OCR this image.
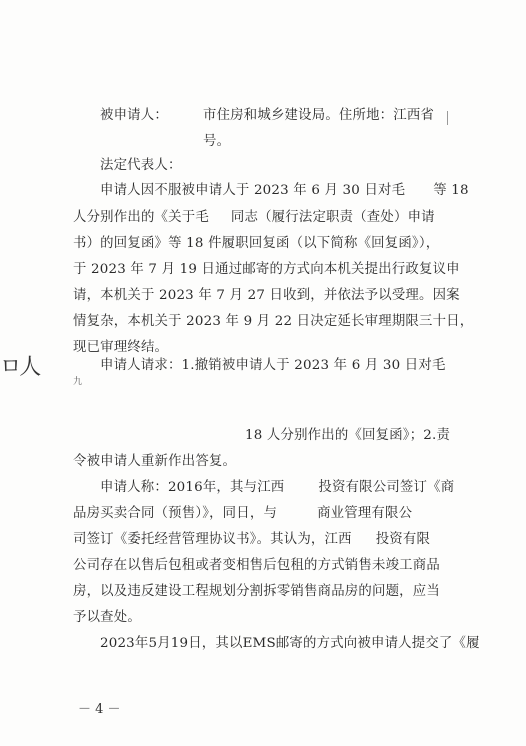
被申请人：	市住房和城乡建设局。住所地：江西省
号。
法定代表人：
申请人因不服被申请人于 2023 年 6 月 30 日对毛 等 18
人分别作出的《关于毛 同志（履行法定职责（查处）申请
书）的回复函》等 18 件履职回复函（以下简称《回复函》），
于 2023 年 7 月 19 日通过邮寄的方式向本机关提出行政复议申
请，本机关于 2023 年 7 月 27 日收到，并依法予以受理。因案
情复杂，本机关于 2023 年 9 月 22 日决定延长审理期限三十日，
现已审理终结。
申请人请求：1.撤销被申请人于 2023 年 6 月 30 日对毛
九
18 人分别作出的《回复函》；2.责
令被申请人重新作出答复。
申请人称：2016年，其与江西	投资有限公司签订《商
品房买卖合同（预售）》，同日，与	商业管理有限公
司签订《委托经营管理协议书》。其认为，江西 投资有限
公司存在以售后包租或者变相售后包租的方式销售未竣工商品
房，以及违反建设工程规划分割拆零销售商品房的问题，应当
予以查处。
2023年5月19日，其以EMS邮寄的方式向被申请人提交了《履
ㅁ人
－ 4 －
